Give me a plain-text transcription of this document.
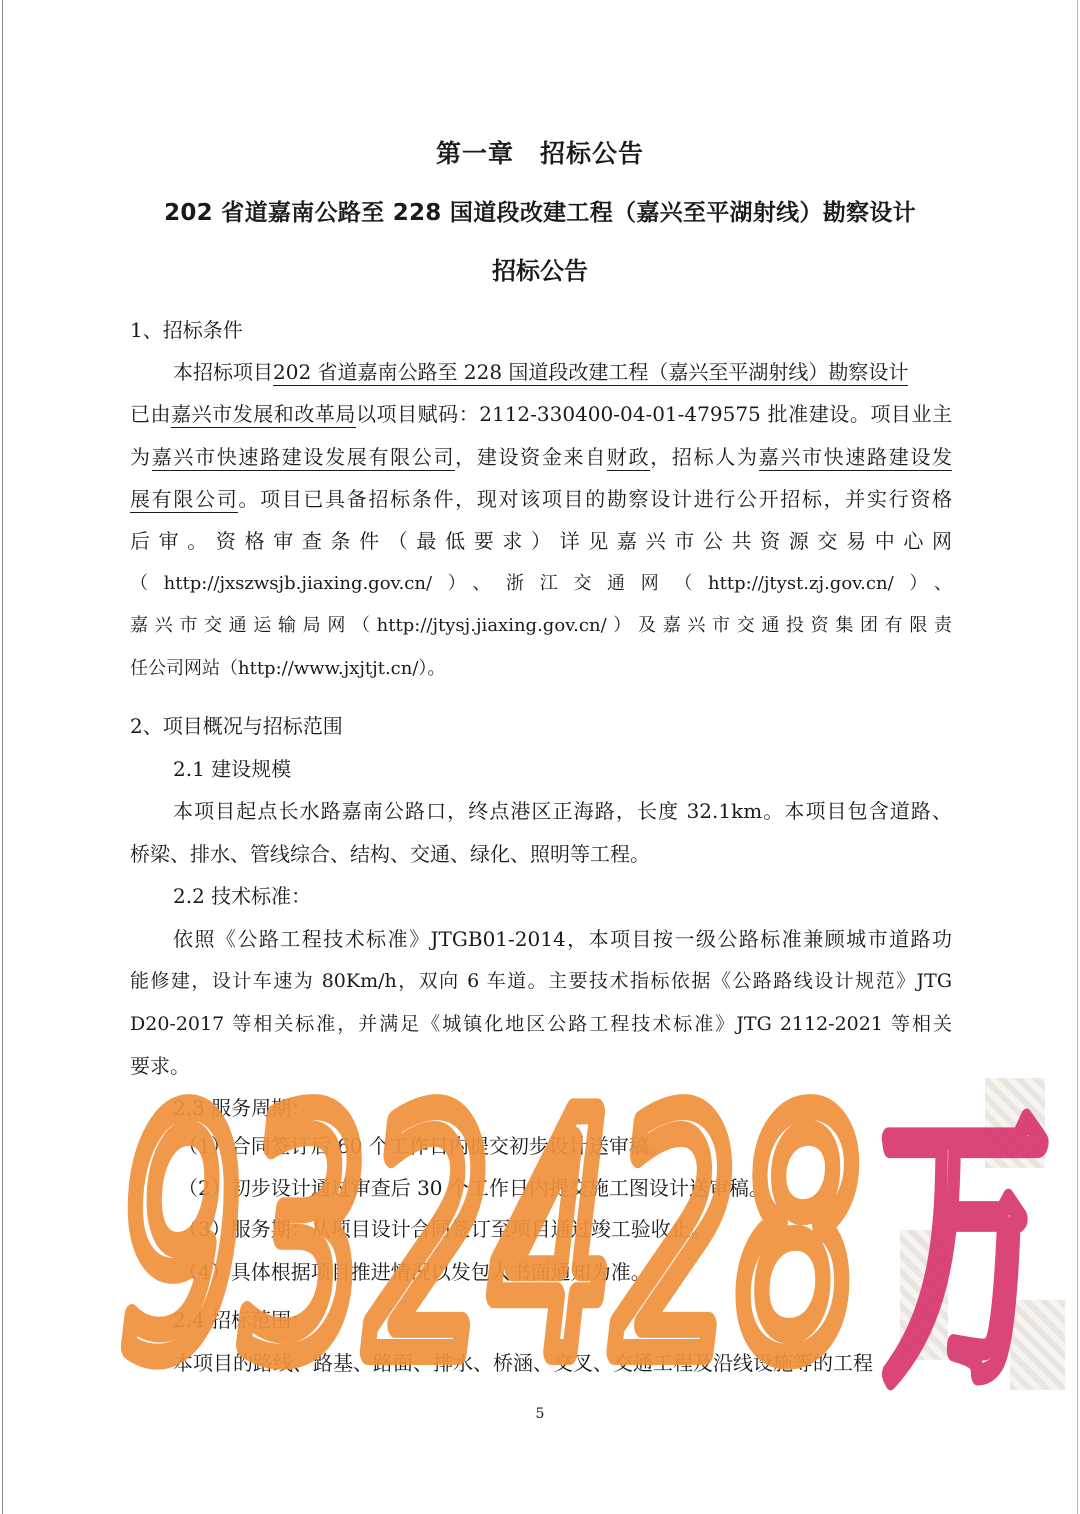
第一章　招标公告
202 省道嘉南公路至 228 国道段改建工程（嘉兴至平湖射线）勘察设计
招标公告
1、招标条件
本招标项目202 省道嘉南公路至 228 国道段改建工程（嘉兴至平湖射线）勘察设计
已由嘉兴市发展和改革局以项目赋码：2112-330400-04-01-479575 批准建设。项目业主
为嘉兴市快速路建设发展有限公司，建设资金来自财政，招标人为嘉兴市快速路建设发
展有限公司。项目已具备招标条件，现对该项目的勘察设计进行公开招标，并实行资格
后审。资格审查条件（最低要求）详见嘉兴市公共资源交易中心网
（http://jxszwsjb.jiaxing.gov.cn/）、浙江交通网（http://jtyst.zj.gov.cn/）、
嘉兴市交通运输局网（http://jtysj.jiaxing.gov.cn/）及嘉兴市交通投资集团有限责
任公司网站（http://www.jxjtjt.cn/）。
2、项目概况与招标范围
2.1 建设规模
本项目起点长水路嘉南公路口，终点港区正海路，长度 32.1km。本项目包含道路、
桥梁、排水、管线综合、结构、交通、绿化、照明等工程。
2.2 技术标准：
依照《公路工程技术标准》JTGB01-2014，本项目按一级公路标准兼顾城市道路功
能修建，设计车速为 80Km/h，双向 6 车道。主要技术指标依据《公路路线设计规范》JTG
D20-2017 等相关标准，并满足《城镇化地区公路工程技术标准》JTG 2112-2021 等相关
要求。
2.3 服务周期：
（1）合同签订后 60 个工作日内提交初步设计送审稿。
（2）初步设计通过审查后 30 个工作日内提交施工图设计送审稿。
（3）服务期：从项目设计合同签订至项目通过竣工验收止。
（4）具体根据项目推进情况以发包人书面通知为准。
2.4 招标范围：
本项目的路线、路基、路面、排水、桥涵、交叉、交通工程及沿线设施等的工程
5
932428 万
